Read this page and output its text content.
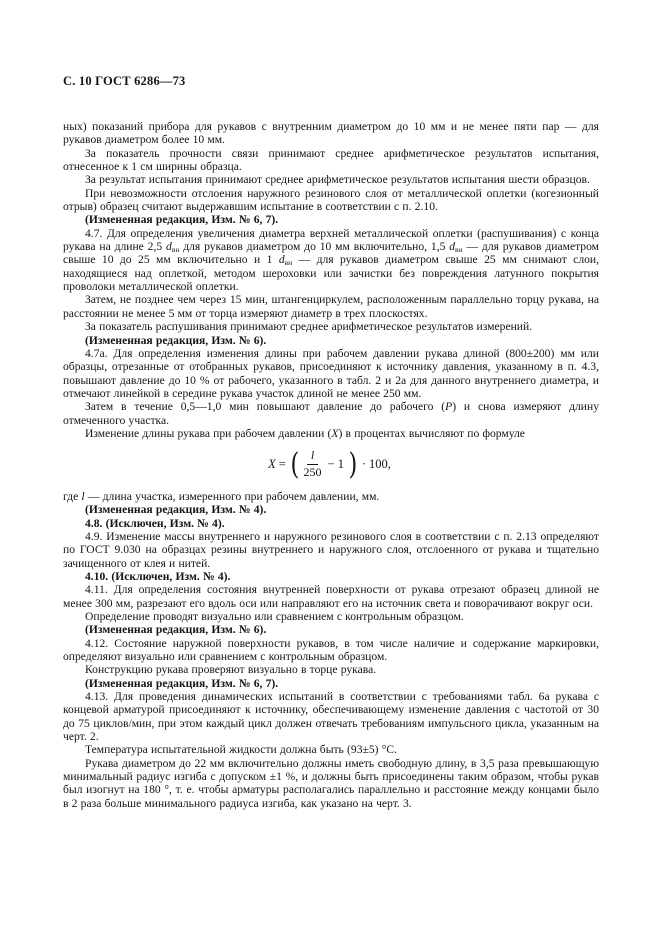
С. 10 ГОСТ 6286—73

ных) показаний прибора для рукавов с внутренним диаметром до 10 мм и не менее пяти пар — для рукавов диаметром более 10 мм.

За показатель прочности связи принимают среднее арифметическое результатов испытания, отнесенное к 1 см ширины образца.

За результат испытания принимают среднее арифметическое результатов испытания шести образцов.

При невозможности отслоения наружного резинового слоя от металлической оплетки (когезионный отрыв) образец считают выдержавшим испытание в соответствии с п. 2.10.

(Измененная редакция, Изм. № 6, 7).

4.7. Для определения увеличения диаметра верхней металлической оплетки (распушивания) с конца рукава на длине 2,5 $d_{вн}$ для рукавов диаметром до 10 мм включительно, 1,5 $d_{вн}$ — для рукавов диаметром свыше 10 до 25 мм включительно и 1 $d_{вн}$ — для рукавов диаметром свыше 25 мм снимают слои, находящиеся над оплеткой, методом шероховки или зачистки без повреждения латунного покрытия проволоки металлической оплетки.

Затем, не позднее чем через 15 мин, штангенциркулем, расположенным параллельно торцу рукава, на расстоянии не менее 5 мм от торца измеряют диаметр в трех плоскостях.

За показатель распушивания принимают среднее арифметическое результатов измерений.

(Измененная редакция, Изм. № 6).

4.7а. Для определения изменения длины при рабочем давлении рукава длиной (800±200) мм или образцы, отрезанные от отобранных рукавов, присоединяют к источнику давления, указанному в п. 4.3, повышают давление до 10 % от рабочего, указанного в табл. 2 и 2а для данного внутреннего диаметра, и отмечают линейкой в середине рукава участок длиной не менее 250 мм.

Затем в течение 0,5—1,0 мин повышают давление до рабочего (Р) и снова измеряют длину отмеченного участка.

Изменение длины рукава при рабочем давлении (X) в процентах вычисляют по формуле

X = ( $\frac{l}{250} - 1$ ) · 100,

где l — длина участка, измеренного при рабочем давлении, мм.

(Измененная редакция, Изм. № 4).

4.8. (Исключен, Изм. № 4).

4.9. Изменение массы внутреннего и наружного резинового слоя в соответствии с п. 2.13 определяют по ГОСТ 9.030 на образцах резины внутреннего и наружного слоя, отслоенного от рукава и тщательно зачищенного от клея и нитей.

4.10. (Исключен, Изм. № 4).

4.11. Для определения состояния внутренней поверхности от рукава отрезают образец длиной не менее 300 мм, разрезают его вдоль оси или направляют его на источник света и поворачивают вокруг оси.

Определение проводят визуально или сравнением с контрольным образцом.

(Измененная редакция, Изм. № 6).

4.12. Состояние наружной поверхности рукавов, в том числе наличие и содержание маркировки, определяют визуально или сравнением с контрольным образцом.

Конструкцию рукава проверяют визуально в торце рукава.

(Измененная редакция, Изм. № 6, 7).

4.13. Для проведения динамических испытаний в соответствии с требованиями табл. 6а рукава с концевой арматурой присоединяют к источнику, обеспечивающему изменение давления с частотой от 30 до 75 циклов/мин, при этом каждый цикл должен отвечать требованиям импульсного цикла, указанным на черт. 2.

Температура испытательной жидкости должна быть (93±5) °С.

Рукава диаметром до 22 мм включительно должны иметь свободную длину, в 3,5 раза превышающую минимальный радиус изгиба с допуском ±1 %, и должны быть присоединены таким образом, чтобы рукав был изогнут на 180 °, т. е. чтобы арматуры располагались параллельно и расстояние между концами было в 2 раза больше минимального радиуса изгиба, как указано на черт. 3.
